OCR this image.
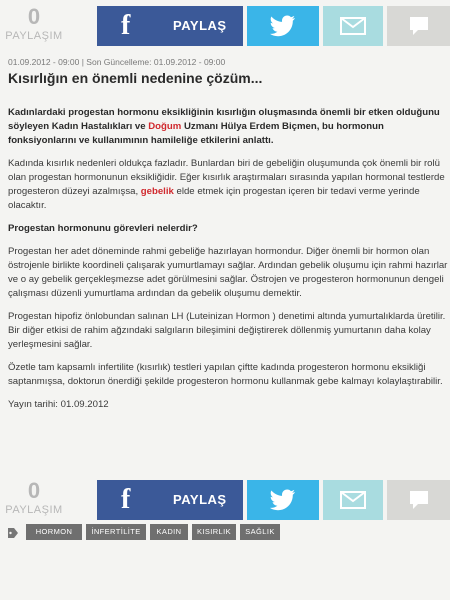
0
PAYLAŞIM f	PAYLAŞ
01.09.2012 - 09:00 | Son Güncelleme: 01.09.2012 - 09:00
Kısırlığın en önemli nedenine çözüm...

Kadınlardaki progestan hormonu eksikliğinin kısırlığın oluşmasında önemli bir etken olduğunu söyleyen Kadın Hastalıkları ve Doğum Uzmanı Hülya Erdem Biçmen, bu hormonun fonksiyonlarını ve kullanımının hamileliğe etkilerini anlattı.

Kadında kısırlık nedenleri oldukça fazladır. Bunlardan biri de gebeliğin oluşumunda çok önemli bir rolü olan progestan hormonunun eksikliğidir. Eğer kısırlık araştırmaları sırasında yapılan hormonal testlerde progesteron düzeyi azalmışsa, gebelik elde etmek için progestan içeren bir tedavi verme yerinde olacaktır.

Progestan hormonunu görevleri nelerdir?

Progestan her adet döneminde rahmi gebeliğe hazırlayan hormondur. Diğer önemli bir hormon olan östrojenle birlikte koordineli çalışarak yumurtlamayı sağlar. Ardından gebelik oluşumu için rahmi hazırlar ve o ay gebelik gerçekleşmezse adet görülmesini sağlar. Östrojen ve progesteron hormonunun dengeli çalışması düzenli yumurtlama ardından da gebelik oluşumu demektir.

Progestan hipofiz önlobundan salınan LH (Luteinizan Hormon ) denetimi altında yumurtalıklarda üretilir. Bir diğer etkisi de rahim ağzındaki salgıların bileşimini değiştirerek döllenmiş yumurtanın daha kolay yerleşmesini sağlar.

Özetle tam kapsamlı infertilite (kısırlık) testleri yapılan çiftte kadında progesteron hormonu eksikliği saptanmışsa, doktorun önerdiği şekilde progesteron hormonu kullanmak gebe kalmayı kolaylaştırabilir.

Yayın tarihi: 01.09.2012

0
PAYLAŞIM f	PAYLAŞ
HORMON	İNFERTİLİTE	KADIN	KISIRLIK	SAĞLIK
